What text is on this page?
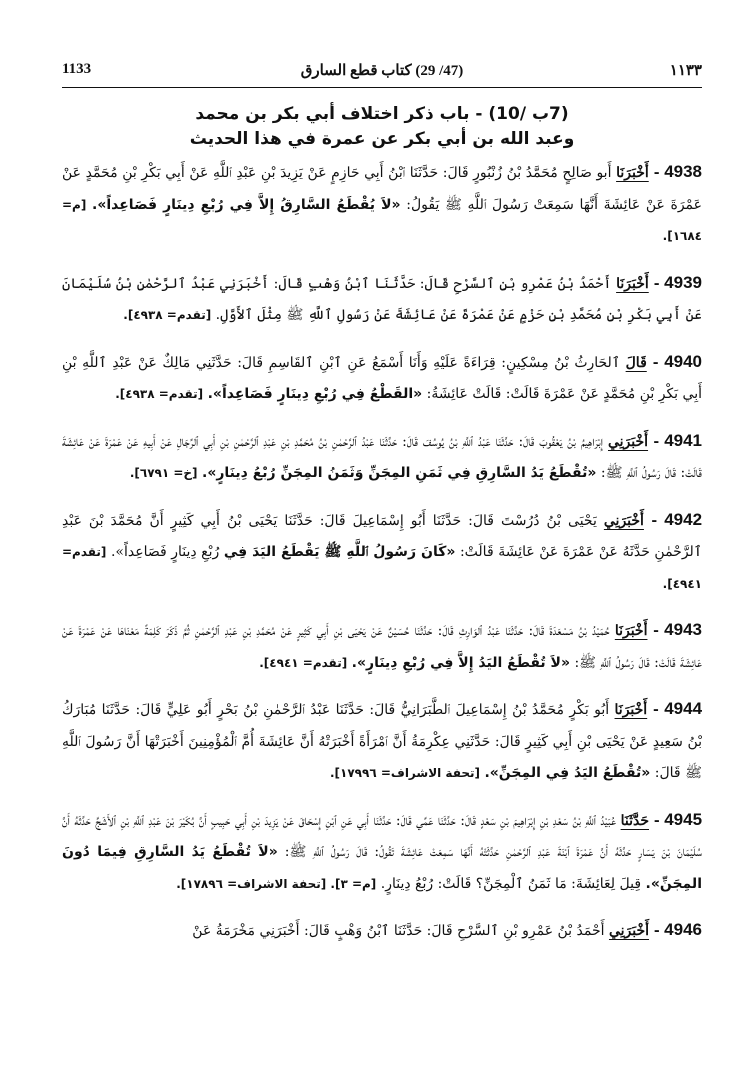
١١٣٣
(47/ 29) كتاب قطع السارق
1133
(7ب /10) - باب ذكر اختلاف أبي بكر بن محمد
وعبد الله بن أبي بكر عن عمرة في هذا الحديث

4938 - أَخْبَرَنَا أَبو صَالِحٍ مُحَمَّدُ بْنُ زُنْبُورٍ قَالَ: حَدَّثَنَا ٱبْنُ أَبِي حَازِمٍ عَنْ يَزِيدَ بْنِ عَبْدِ ٱللَّهِ عَنْ أَبِي بَكْرِ بْنِ مُحَمَّدٍ عَنْ عَمْرَةَ عَنْ عَائِشَةَ أَنَّهَا سَمِعَتْ رَسُولَ ٱللَّهِ ﷺ يَقُولُ: «لاَ يُقْطَعُ السَّارِقُ إِلاَّ فِي رُبْعِ دِينَارٍ فَصَاعِداً». [م= ١٦٨٤].

4939 - أَخْبَرَنَا أَحْمَدُ بْنُ عَمْرِو بْنِ ٱلسَّرْحِ قَالَ: حَدَّثَنَا ٱبْنُ وَهْبٍ قَالَ: أَخْبَرَنِي عَبْدُ ٱلرَّحْمٰنِ بْنُ سُلَيْمَانَ عَنْ أَبِي بَكْرِ بْنِ مُحَمَّدِ بْنِ حَزْمٍ عَنْ عَمْرَةَ عَنْ عَائِشَةَ عَنْ رَسُولِ ٱللَّهِ ﷺ مِثْلَ ٱلأَوَّلِ. [تقدم= ٤٩٣٨].

4940 - قَالَ ٱلحَارِثُ بْنُ مِسْكِينٍ: قِرَاءَةً عَلَيْهِ وَأَنَا أَسْمَعُ عَنِ ٱبْنِ ٱلقَاسِمِ قَالَ: حَدَّثَنِي مَالِكٌ عَنْ عَبْدِ ٱللَّهِ بْنِ أَبِي بَكْرِ بْنِ مُحَمَّدٍ عَنْ عَمْرَةَ قَالَتْ: قَالَتْ عَائِشَةُ: «القَطْعُ فِي رُبْعِ دِينَارٍ فَصَاعِداً». [تقدم= ٤٩٣٨].

4941 - أَخْبَرَنِي إِبْرَاهِيمُ بْنُ يَعْقُوبَ قَالَ: حَدَّثَنَا عَبْدُ ٱللَّهِ بْنُ يُوسُفَ قَالَ: حَدَّثَنَا عَبْدُ ٱلرَّحْمٰنِ بْنُ مُحَمَّدِ بْنِ عَبْدِ ٱلرَّحْمٰنِ بْنِ أَبِي ٱلرِّجَالِ عَنْ أَبِيهِ عَنْ عَمْرَةَ عَنْ عَائِشَةَ قَالَتْ: قَالَ رَسُولُ ٱللَّهِ ﷺ: «تُقْطَعُ يَدُ السَّارِقِ فِي ثَمَنِ المِجَنِّ وَثَمَنُ المِجَنِّ رُبْعُ دِينَارٍ». [خ= ٦٧٩١].

4942 - أَخْبَرَنِي يَحْيَى بْنُ دُرُسْتَ قَالَ: حَدَّثَنَا أَبُو إِسْمَاعِيلَ قَالَ: حَدَّثَنَا يَحْيَى بْنُ أَبِي كَثِيرٍ أَنَّ مُحَمَّدَ بْنَ عَبْدِ ٱلرَّحْمٰنِ حَدَّثَهُ عَنْ عَمْرَةَ عَنْ عَائِشَةَ قَالَتْ: «كَانَ رَسُولُ ٱللَّهِ ﷺ يَقْطَعُ اليَدَ فِي رُبْعِ دِينَارٍ فَصَاعِداً». [تقدم= ٤٩٤١].

4943 - أَخْبَرَنَا حُمَيْدُ بْنُ مَسْعَدَةَ قَالَ: حَدَّثَنَا عَبْدُ ٱلوَارِثِ قَالَ: حَدَّثَنَا حُسَيْنٌ عَنْ يَحْيَى بْنِ أَبِي كَثِيرٍ عَنْ مُحَمَّدِ بْنِ عَبْدِ ٱلرَّحْمٰنِ ثُمَّ ذَكَرَ كَلِمَةً مَعْنَاهَا عَنْ عَمْرَةَ عَنْ عَائِشَةَ قَالَتْ: قَالَ رَسُولُ ٱللَّهِ ﷺ: «لاَ تُقْطَعُ اليَدُ إِلاَّ فِي رُبْعِ دِينَارٍ». [تقدم= ٤٩٤١].

4944 - أَخْبَرَنَا أَبُو بَكْرٍ مُحَمَّدُ بْنُ إِسْمَاعِيلَ ٱلطَّبَرَانِيُّ قَالَ: حَدَّثَنَا عَبْدُ ٱلرَّحْمٰنِ بْنُ بَحْرٍ أَبُو عَلِيٍّ قَالَ: حَدَّثَنَا مُبَارَكُ بْنُ سَعِيدٍ عَنْ يَحْيَى بْنِ أَبِي كَثِيرٍ قَالَ: حَدَّثَنِي عِكْرِمَةُ أَنَّ ٱمْرَأَةً أَخْبَرَتْهُ أَنَّ عَائِشَةَ أُمَّ ٱلْمُؤْمِنِينَ أَخْبَرَتْهَا أَنَّ رَسُولَ ٱللَّهِ ﷺ قَالَ: «تُقْطَعُ اليَدُ فِي المِجَنِّ». [تحفة الاشراف= ١٧٩٩٦].

4945 - حَدَّثَنَا عُبَيْدُ ٱللَّهِ بْنُ سَعْدِ بْنِ إِبْرَاهِيمَ بْنِ سَعْدٍ قَالَ: حَدَّثَنَا عَمِّي قَالَ: حَدَّثَنَا أَبِي عَنِ ٱبْنِ إِسْحَاقَ عَنْ يَزِيدَ بْنِ أَبِي حَبِيبٍ أَنَّ بُكَيْرَ بْنَ عَبْدِ ٱللَّهِ بْنِ ٱلأَشَجِّ حَدَّثَهُ أَنَّ سُلَيْمَانَ بْنَ يَسَارٍ حَدَّثَهُ أَنَّ عَمْرَةَ ٱبْنَةَ عَبْدِ ٱلرَّحْمٰنِ حَدَّثَتْهُ أَنَّهَا سَمِعَتْ عَائِشَةَ تَقُولُ: قَالَ رَسُولُ ٱللَّهِ ﷺ: «لاَ تُقْطَعُ يَدُ السَّارِقِ فِيمَا دُونَ المِجَنِّ». قِيلَ لِعَائِشَةَ: مَا ثَمَنُ ٱلْمِجَنِّ؟ قَالَتْ: رُبْعُ دِينَارٍ. [م= ٣]. [تحفة الاشراف= ١٧٨٩٦].

4946 - أَخْبَرَنِي أَحْمَدُ بْنُ عَمْرِو بْنِ ٱلسَّرْحِ قَالَ: حَدَّثَنَا ٱبْنُ وَهْبٍ قَالَ: أَخْبَرَنِي مَخْرَمَةُ عَنْ
